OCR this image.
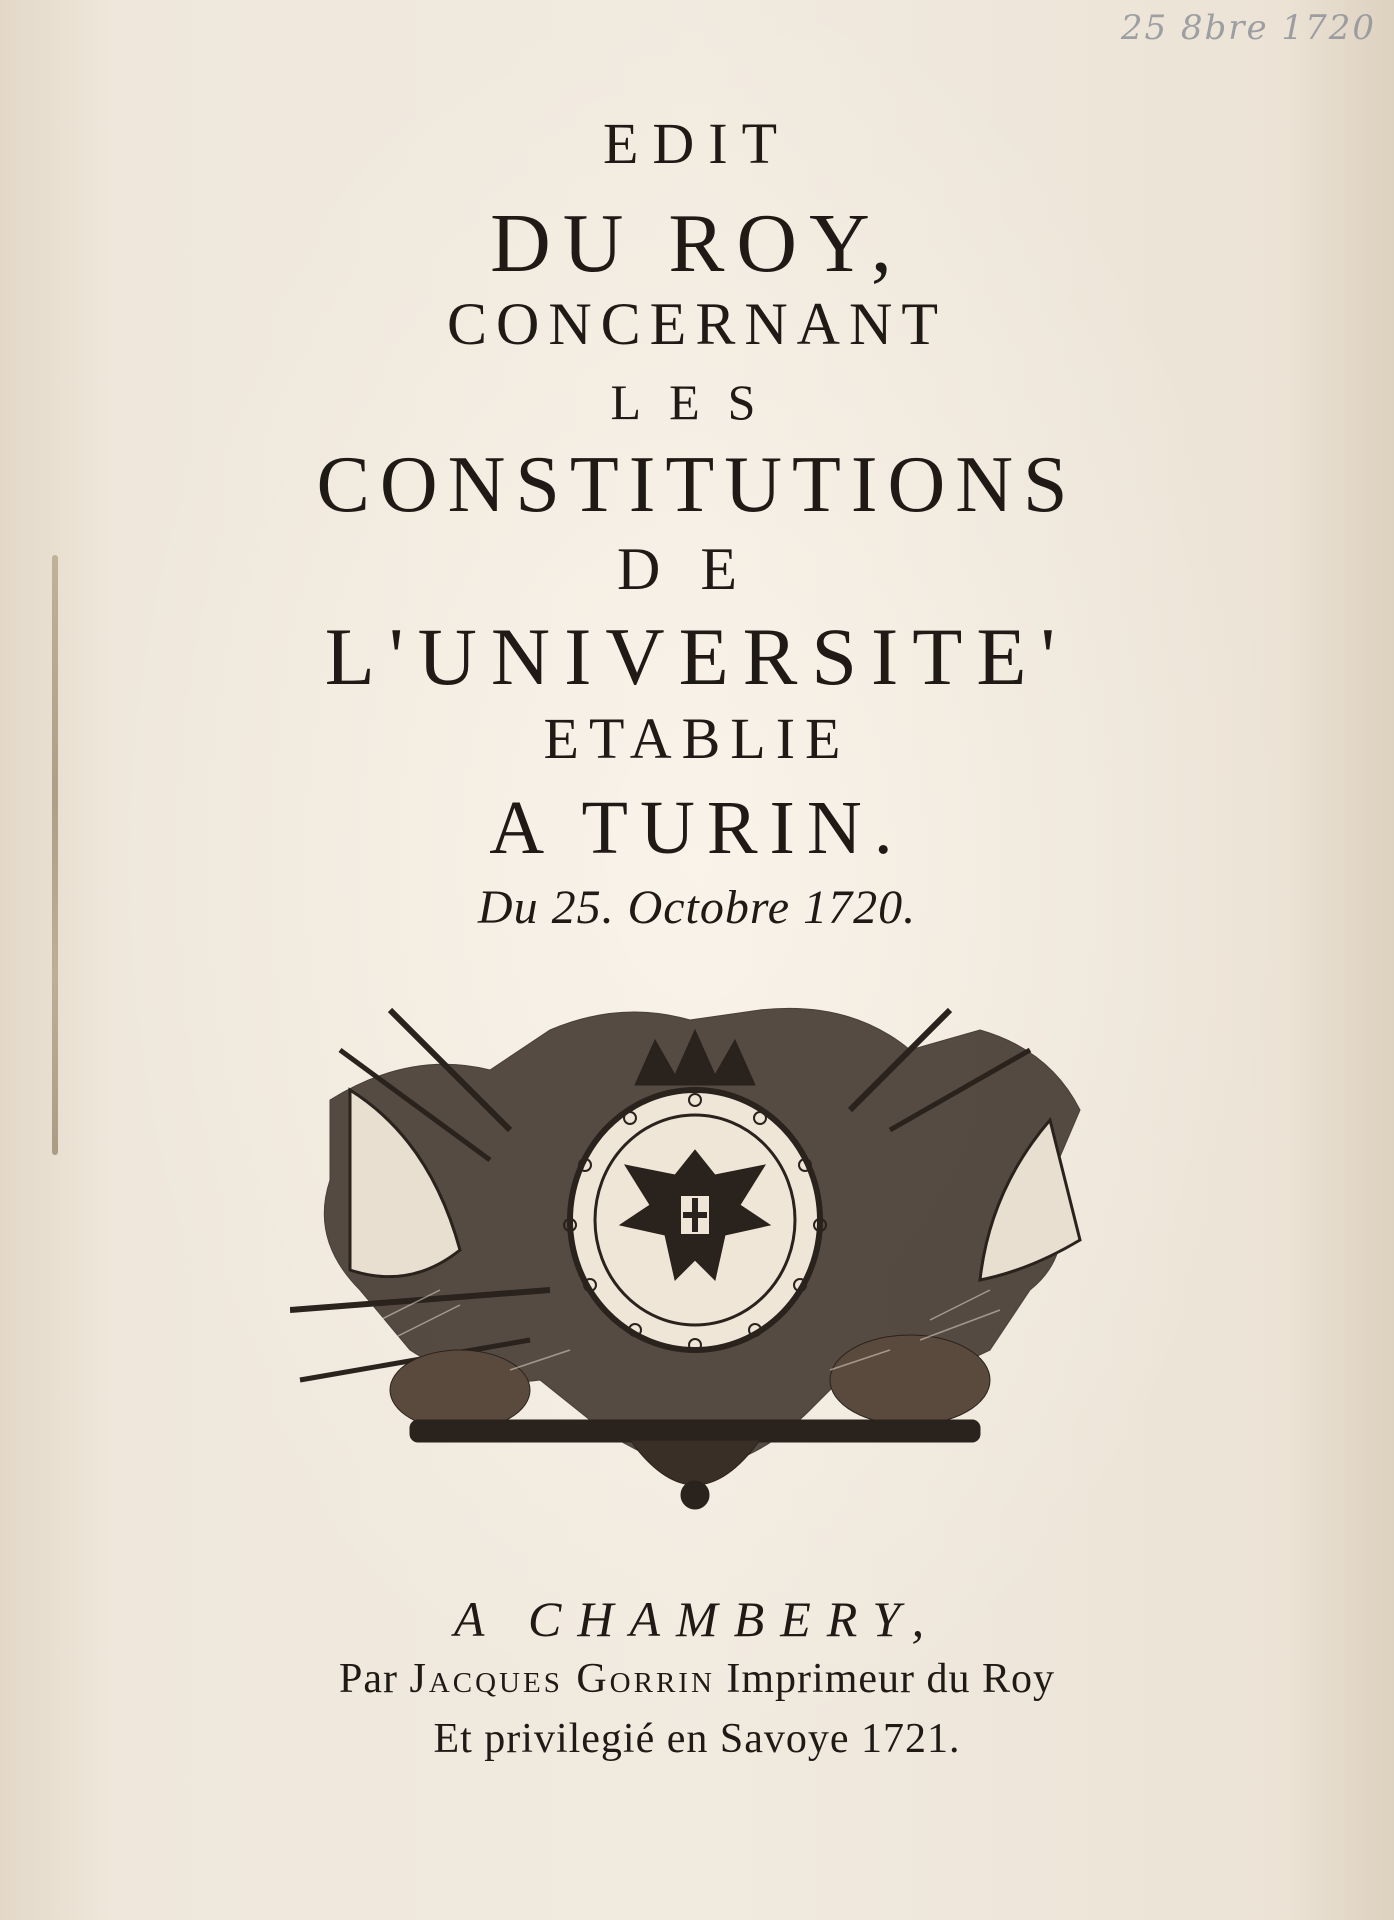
25 8bre 1720
EDIT
DU ROY,
CONCERNANT
LES
CONSTITUTIONS
DE
L'UNIVERSITE'
ETABLIE
A TURIN.
Du 25. Octobre 1720.
A CHAMBERY,
Par Jacques Gorrin Imprimeur du Roy
Et privilegié en Savoye 1721.
